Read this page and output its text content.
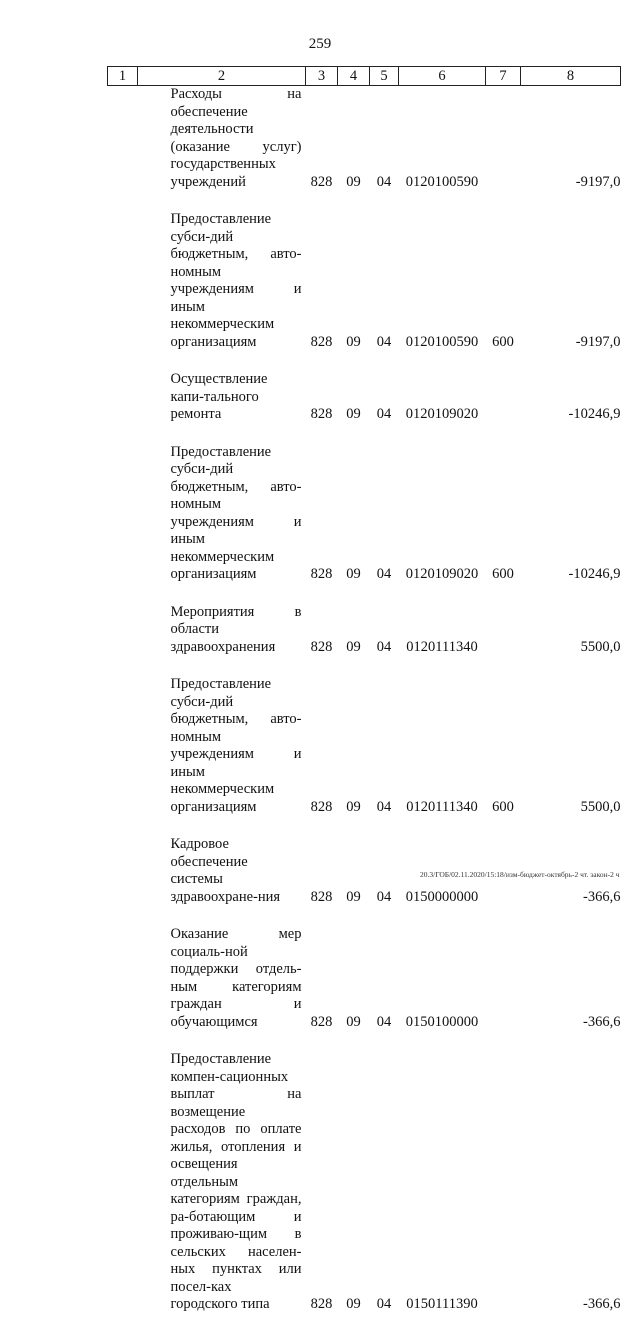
259
1	2	3	4	5	6	7	8
	Расходы на обеспечение деятельности (оказание услуг) государственных учреждений	828	09	04	0120100590		-9197,0
	Предоставление субси-дий бюджетным, авто-номным учреждениям и иным некоммерческим организациям	828	09	04	0120100590	600	-9197,0
	Осуществление капи-тального ремонта	828	09	04	0120109020		-10246,9
	Предоставление субси-дий бюджетным, авто-номным учреждениям и иным некоммерческим организациям	828	09	04	0120109020	600	-10246,9
	Мероприятия в области здравоохранения	828	09	04	0120111340		5500,0
	Предоставление субси-дий бюджетным, авто-номным учреждениям и иным некоммерческим организациям	828	09	04	0120111340	600	5500,0
	Кадровое обеспечение системы здравоохране-ния	828	09	04	0150000000		-366,6
	Оказание мер социаль-ной поддержки отдель-ным категориям граждан и обучающимся	828	09	04	0150100000		-366,6
	Предоставление компен-сационных выплат на возмещение расходов по оплате жилья, отопления и освещения отдельным категориям граждан, ра-ботающим и проживаю-щим в сельских населен-ных пунктах или посел-ках городского типа	828	09	04	0150111390		-366,6
20.3/ГОБ/02.11.2020/15:18/изм-бюджет-октябрь-2 чт. закон-2 ч
